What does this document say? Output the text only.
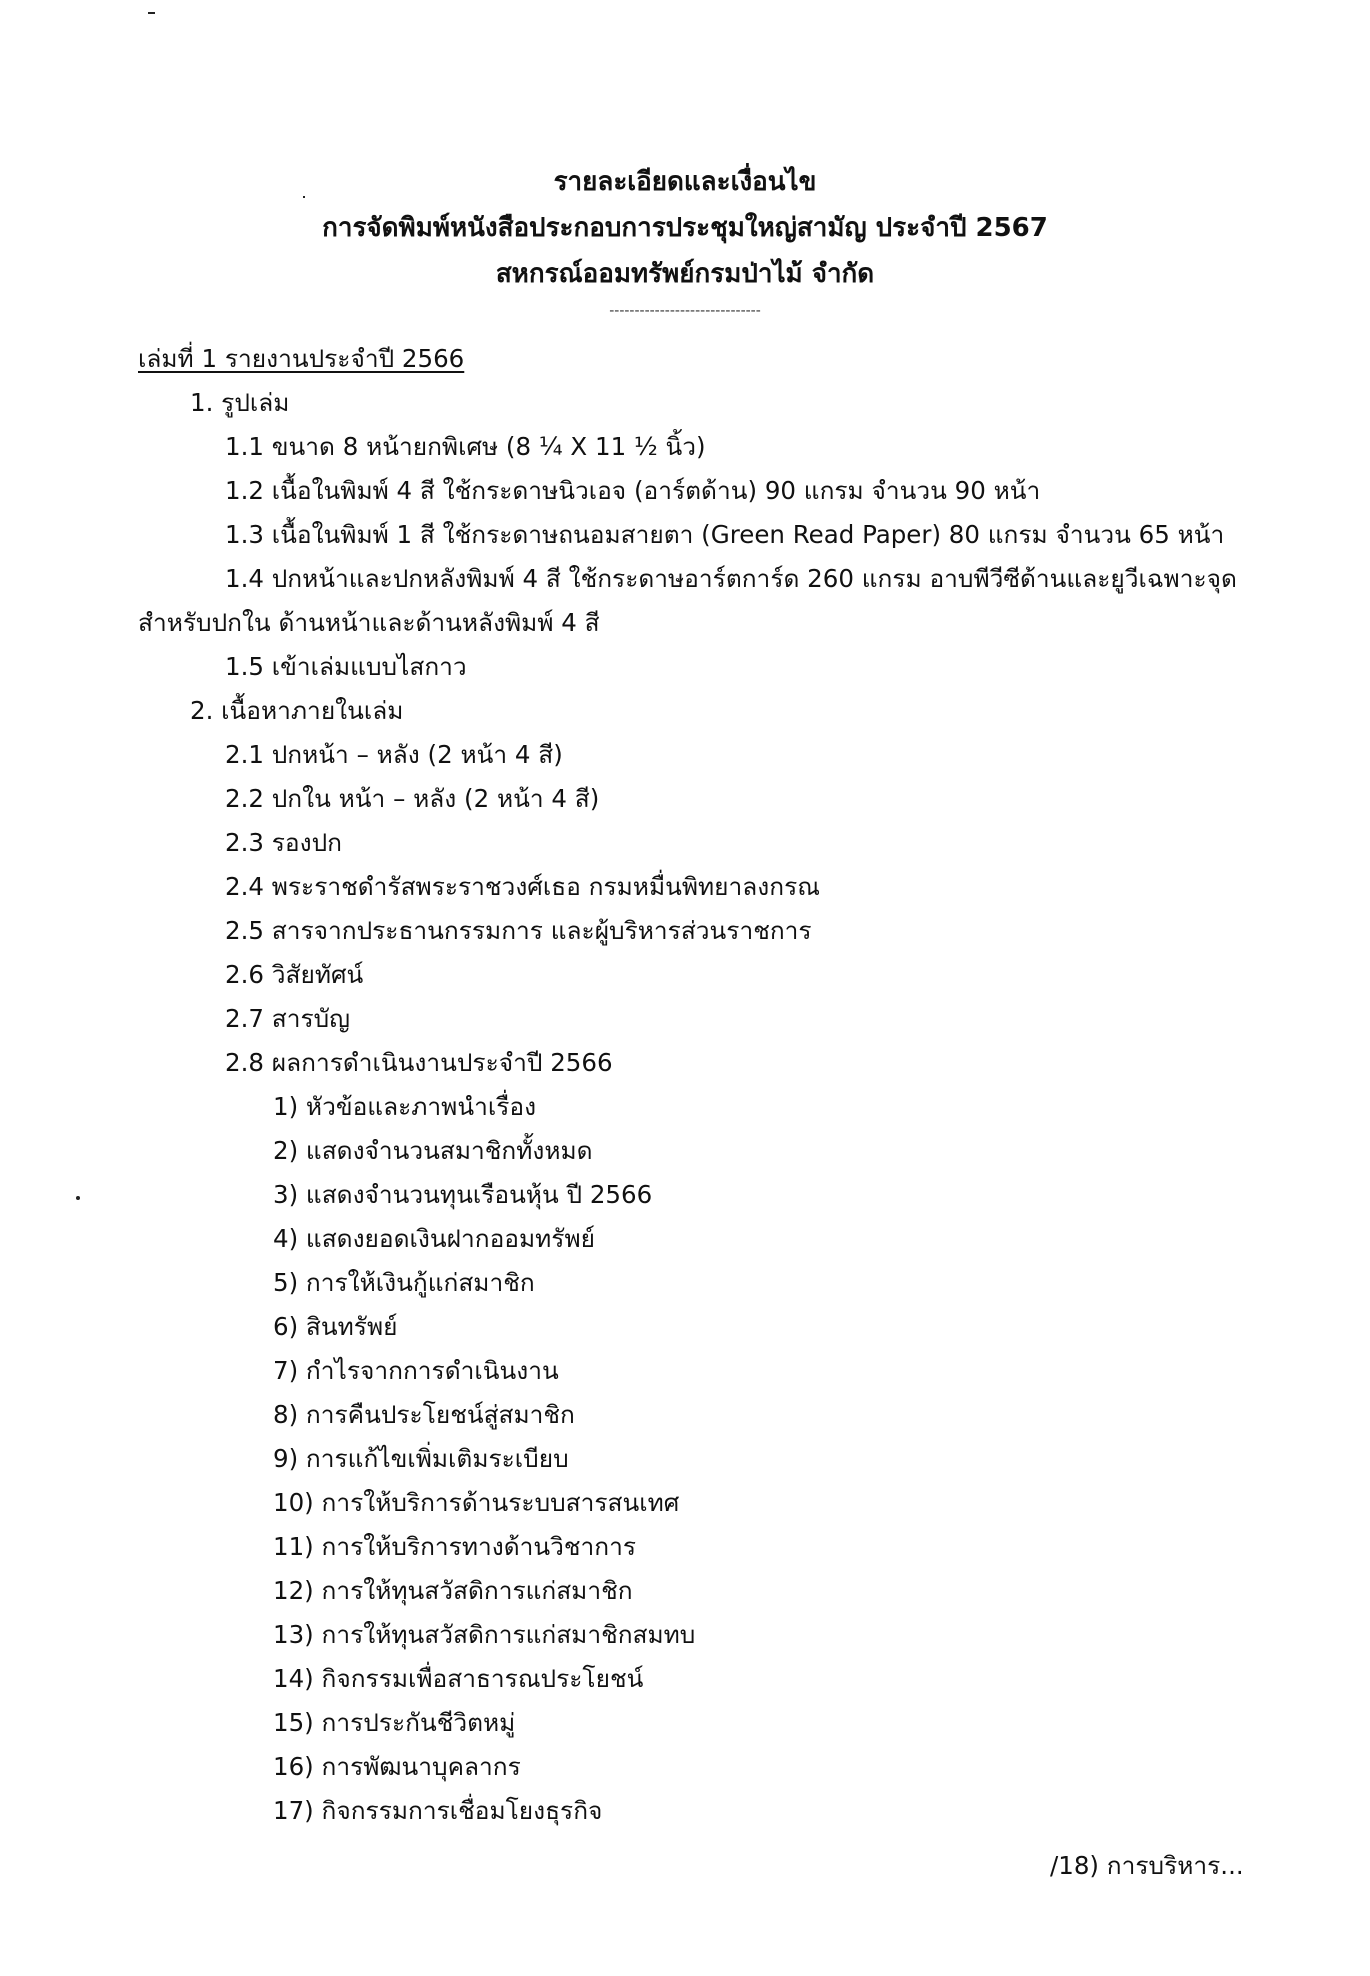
รายละเอียดและเงื่อนไข
การจัดพิมพ์หนังสือประกอบการประชุมใหญ่สามัญ ประจำปี 2567
สหกรณ์ออมทรัพย์กรมป่าไม้ จำกัด
------------------------------
เล่มที่ 1 รายงานประจำปี 2566
1. รูปเล่ม
1.1 ขนาด 8 หน้ายกพิเศษ (8 ¼ X 11 ½ นิ้ว)
1.2 เนื้อในพิมพ์ 4 สี ใช้กระดาษนิวเอจ (อาร์ตด้าน) 90 แกรม จำนวน 90 หน้า
1.3 เนื้อในพิมพ์ 1 สี ใช้กระดาษถนอมสายตา (Green Read Paper) 80 แกรม จำนวน 65 หน้า
1.4 ปกหน้าและปกหลังพิมพ์ 4 สี ใช้กระดาษอาร์ตการ์ด 260 แกรม อาบพีวีซีด้านและยูวีเฉพาะจุด
สำหรับปกใน ด้านหน้าและด้านหลังพิมพ์ 4 สี
1.5 เข้าเล่มแบบไสกาว
2. เนื้อหาภายในเล่ม
2.1 ปกหน้า – หลัง (2 หน้า 4 สี)
2.2 ปกใน หน้า – หลัง (2 หน้า 4 สี)
2.3 รองปก
2.4 พระราชดำรัสพระราชวงศ์เธอ กรมหมื่นพิทยาลงกรณ
2.5 สารจากประธานกรรมการ และผู้บริหารส่วนราชการ
2.6 วิสัยทัศน์
2.7 สารบัญ
2.8 ผลการดำเนินงานประจำปี 2566
1) หัวข้อและภาพนำเรื่อง
2) แสดงจำนวนสมาชิกทั้งหมด
3) แสดงจำนวนทุนเรือนหุ้น ปี 2566
4) แสดงยอดเงินฝากออมทรัพย์
5) การให้เงินกู้แก่สมาชิก
6) สินทรัพย์
7) กำไรจากการดำเนินงาน
8) การคืนประโยชน์สู่สมาชิก
9) การแก้ไขเพิ่มเติมระเบียบ
10) การให้บริการด้านระบบสารสนเทศ
11) การให้บริการทางด้านวิชาการ
12) การให้ทุนสวัสดิการแก่สมาชิก
13) การให้ทุนสวัสดิการแก่สมาชิกสมทบ
14) กิจกรรมเพื่อสาธารณประโยชน์
15) การประกันชีวิตหมู่
16) การพัฒนาบุคลากร
17) กิจกรรมการเชื่อมโยงธุรกิจ
/18) การบริหาร...
